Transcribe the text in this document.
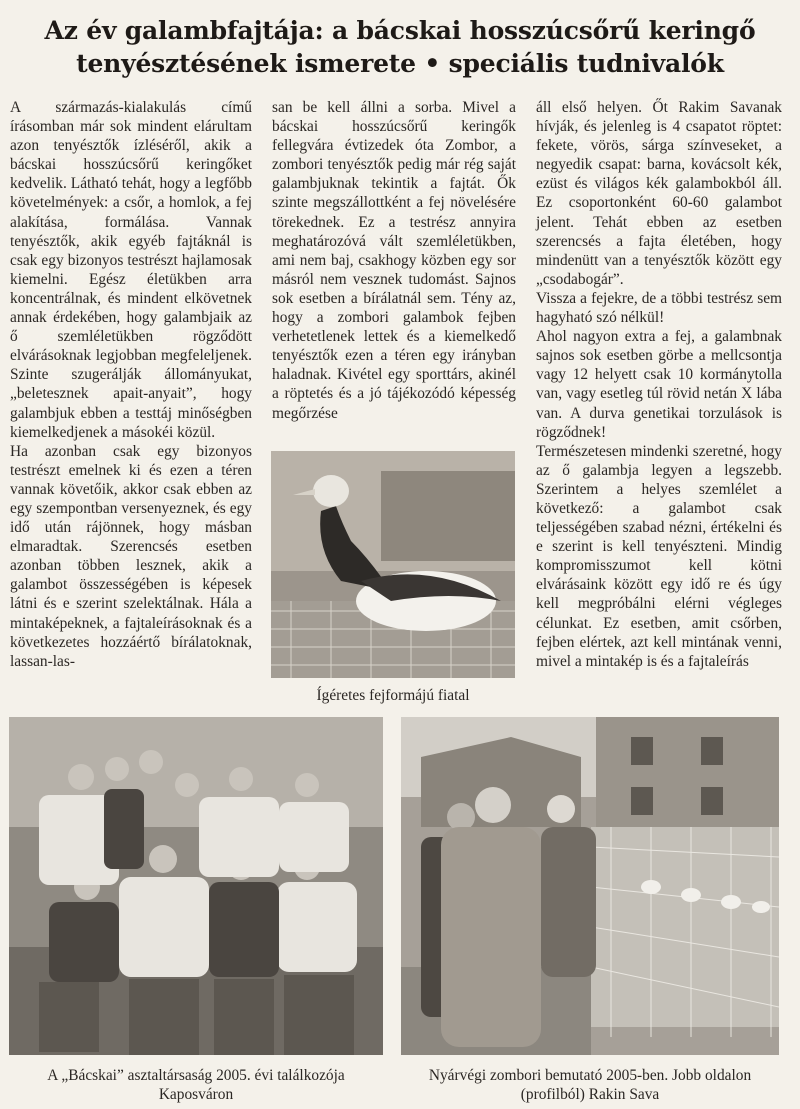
Az év galambfajtája: a bácskai hosszúcsőrű keringő
tenyésztésének ismerete • speciális tudnivalók

A származás-kialakulás című írásomban már sok mindent elárultam azon tenyésztők ízléséről, akik a bácskai hosszúcsőrű keringőket kedvelik. Látható tehát, hogy a legfőbb követelmények: a csőr, a homlok, a fej alakítása, formálása. Vannak tenyésztők, akik egyéb fajtáknál is csak egy bizonyos testrészt hajlamosak kiemelni. Egész életükben arra koncentrálnak, és mindent elkövetnek annak érdekében, hogy galambjaik az ő szemléletükben rögződött elvárásoknak legjobban megfeleljenek. Szinte szugerálják állományukat, „beletesznek apait-anyait”, hogy galambjuk ebben a testtáj minőségben kiemelkedjenek a másokéi közül.

Ha azonban csak egy bizonyos testrészt emelnek ki és ezen a téren vannak követőik, akkor csak ebben az egy szempontban versenyeznek, és egy idő után rájönnek, hogy másban elmaradtak. Szerencsés esetben azonban többen lesznek, akik a galambot összességében is képesek látni és e szerint szelektálnak. Hála a mintaképeknek, a fajtaleírásoknak és a következetes hozzáértő bírálatoknak, lassan-las-

san be kell állni a sorba. Mivel a bácskai hosszúcsőrű keringők fellegvára évtizedek óta Zombor, a zombori tenyésztők pedig már rég saját galambjuknak tekintik a fajtát. Ők szinte megszállottként a fej növelésére törekednek. Ez a testrész annyira meghatározóvá vált szemléletükben, ami nem baj, csakhogy közben egy sor másról nem vesznek tudomást. Sajnos sok esetben a bírálatnál sem. Tény az, hogy a zombori galambok fejben verhetetlenek lettek és a kiemelkedő tenyésztők ezen a téren egy irányban haladnak. Kivétel egy sporttárs, akinél a röptetés és a jó tájékozódó képesség megőrzése

áll első helyen. Őt Rakim Savanak hívják, és jelenleg is 4 csapatot röptet: fekete, vörös, sárga színveseket, a negyedik csapat: barna, kovácsolt kék, ezüst és világos kék galambokból áll. Ez csoportonként 60-60 galambot jelent. Tehát ebben az esetben szerencsés a fajta életében, hogy mindenütt van a tenyésztők között egy „csodabogár”.

Vissza a fejekre, de a többi testrész sem hagyható szó nélkül!

Ahol nagyon extra a fej, a galambnak sajnos sok esetben görbe a mellcsontja vagy 12 helyett csak 10 kormánytolla van, vagy esetleg túl rövid netán X lába van. A durva genetikai torzulások is rögződnek!

Természetesen mindenki szeretné, hogy az ő galambja legyen a legszebb. Szerintem a helyes szemlélet a következő: a galambot csak teljességében szabad nézni, értékelni és e szerint is kell tenyészteni. Mindig kompromisszumot kell kötni elvárásaink között egy idő re és úgy kell megpróbálni elérni végleges célunkat. Ez esetben, amit csőrben, fejben elértek, azt kell mintának venni, mivel a mintakép is és a fajtaleírás

Ígéretes fejformájú fiatal
A „Bácskai” asztaltársaság 2005. évi találkozója Kaposváron
Nyárvégi zombori bemutató 2005-ben. Jobb oldalon (profilból) Rakin Sava
